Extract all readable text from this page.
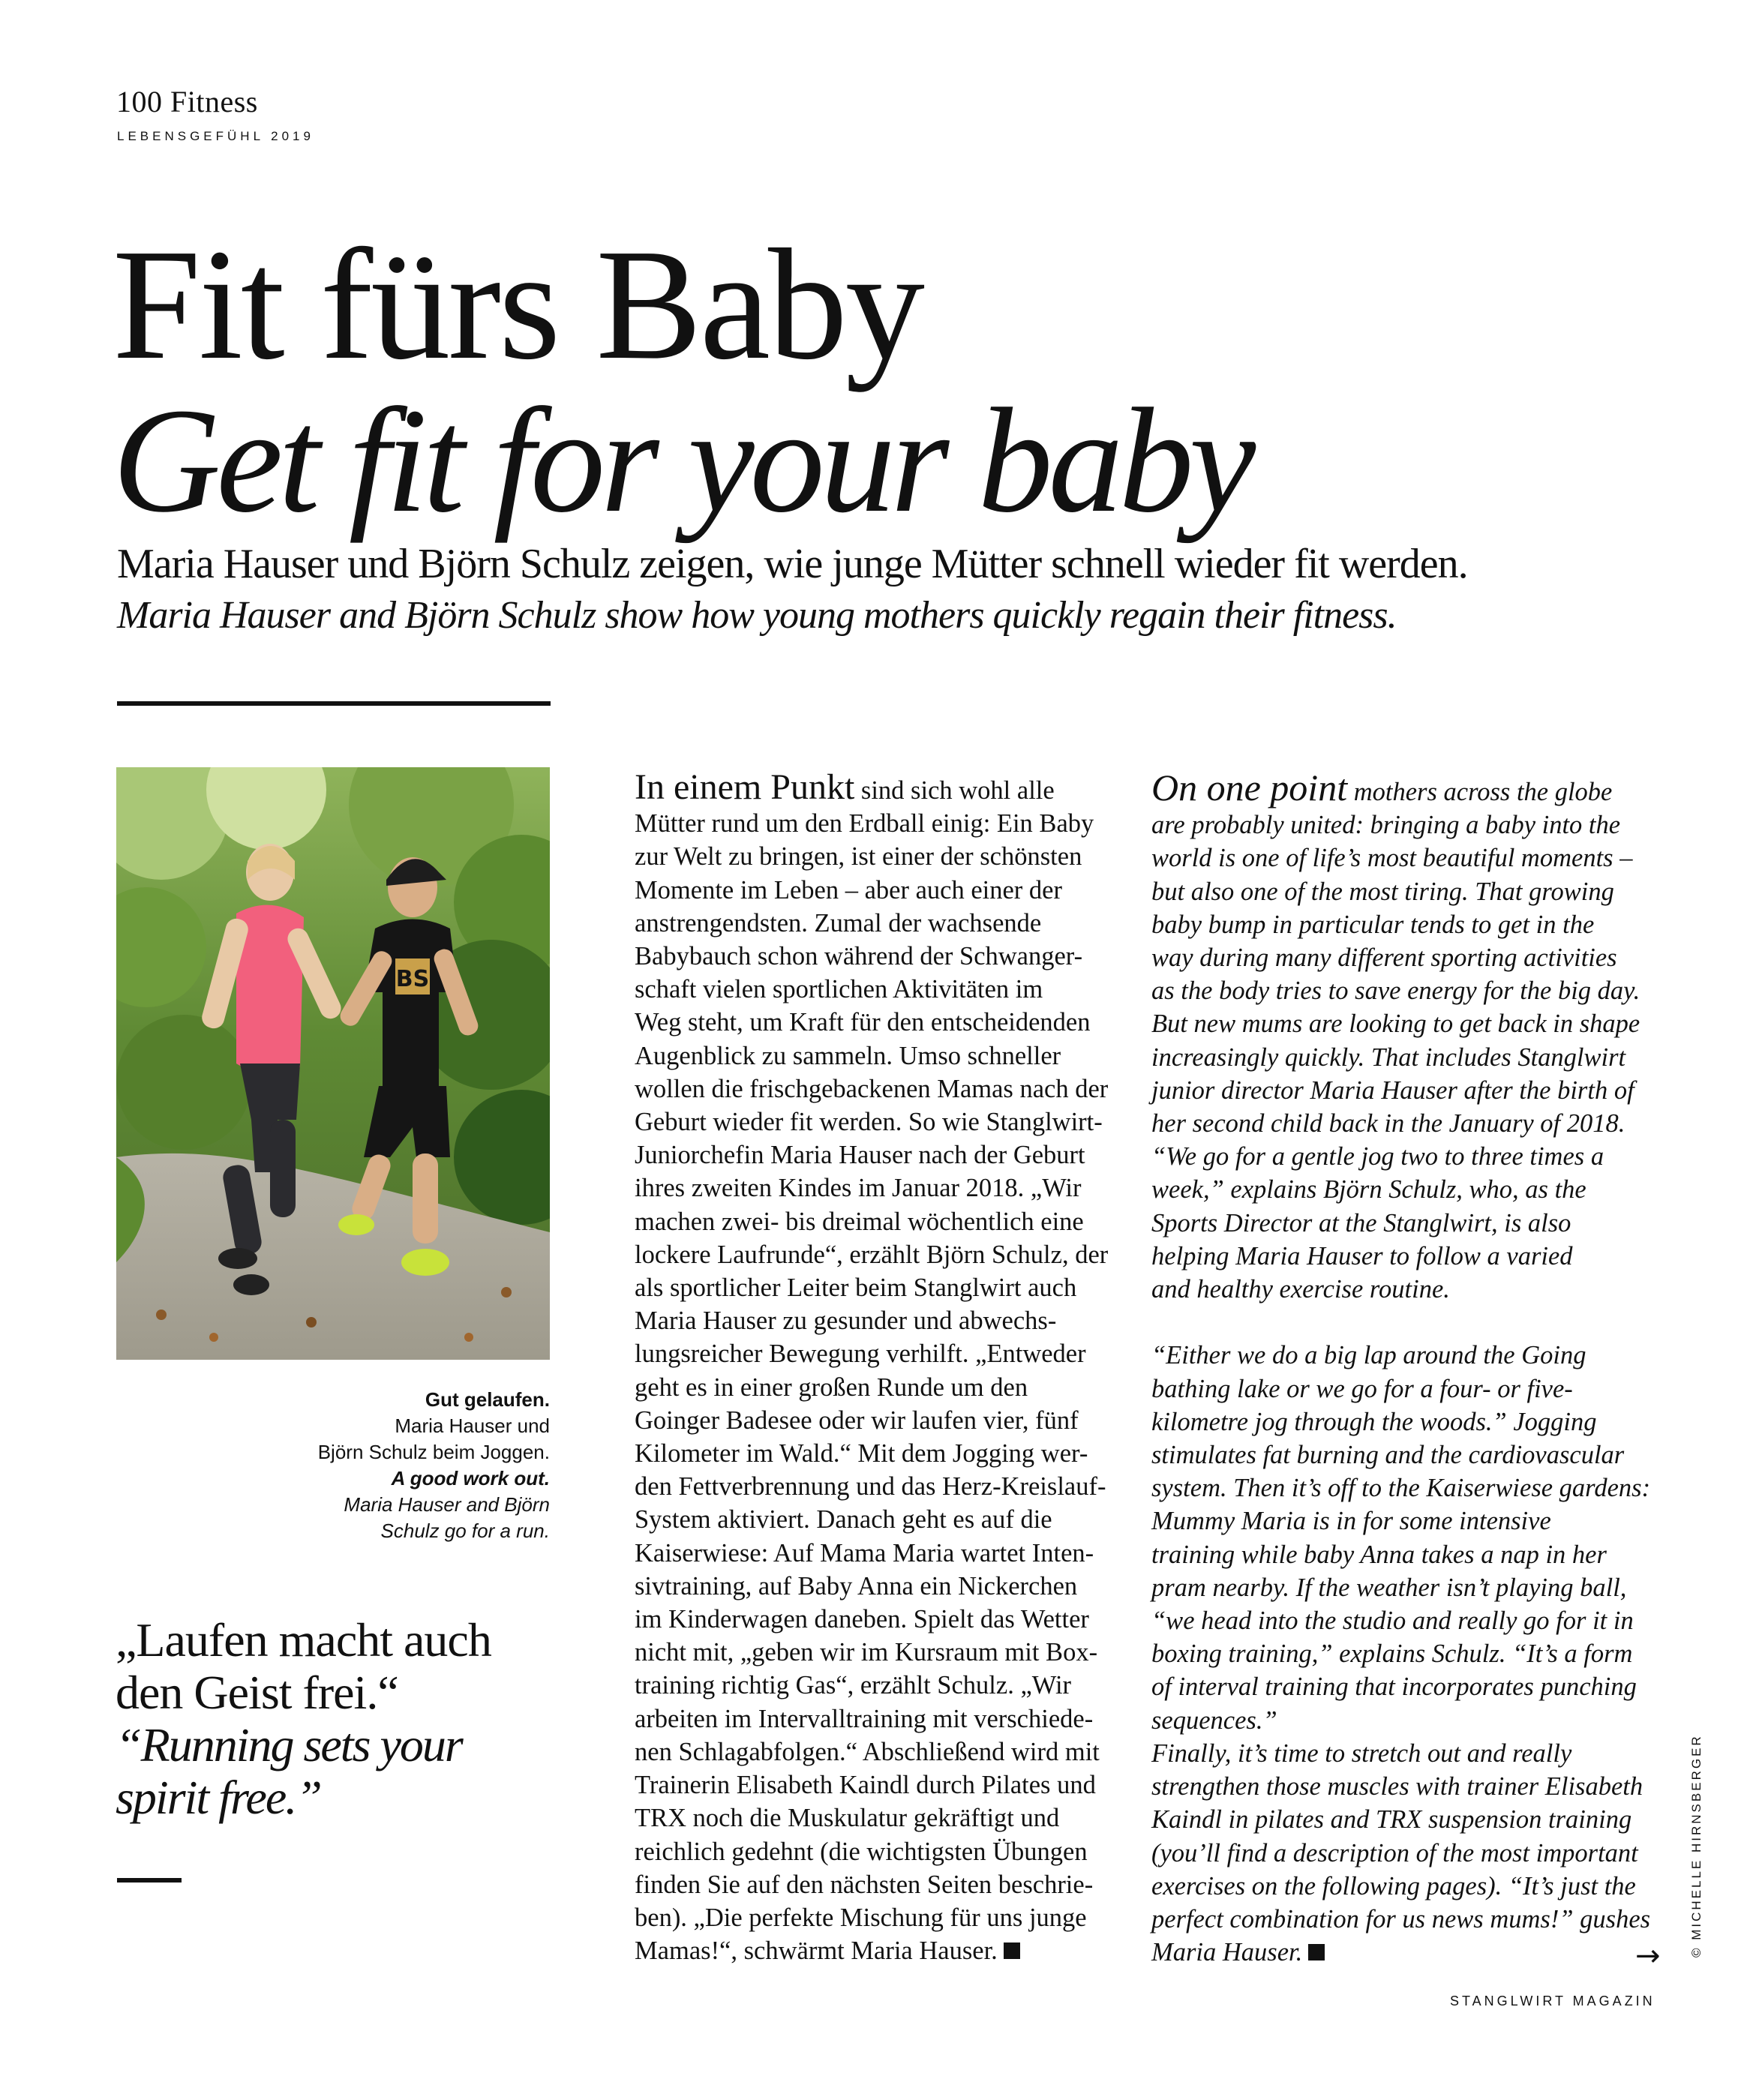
100 Fitness
LEBENSGEFÜHL 2019
Fit fürs Baby
Get fit for your baby
Maria Hauser und Björn Schulz zeigen, wie junge Mütter schnell wieder fit werden.
Maria Hauser and Björn Schulz show how young mothers quickly regain their fitness.
BS
Gut gelaufen.
Maria Hauser und
Björn Schulz beim Joggen.
A good work out.
Maria Hauser and Björn
Schulz go for a run.
„Laufen macht auch
den Geist frei.“
“Running sets your
spirit free.”
In einem Punkt sind sich wohl alle
Mütter rund um den Erdball einig: Ein Baby
zur Welt zu bringen, ist einer der schönsten
Momente im Leben – aber auch einer der
anstrengendsten. Zumal der wachsende
Babybauch schon während der Schwanger-
schaft vielen sportlichen Aktivitäten im
Weg steht, um Kraft für den entscheidenden
Augenblick zu sammeln. Umso schneller
wollen die frischgebackenen Mamas nach der
Geburt wieder fit werden. So wie Stanglwirt-
Juniorchefin Maria Hauser nach der Geburt
ihres zweiten Kindes im Januar 2018. „Wir
machen zwei- bis dreimal wöchentlich eine
lockere Laufrunde“, erzählt Björn Schulz, der
als sportlicher Leiter beim Stanglwirt auch
Maria Hauser zu gesunder und abwechs-
lungsreicher Bewegung verhilft. „Entweder
geht es in einer großen Runde um den
Goinger Badesee oder wir laufen vier, fünf
Kilometer im Wald.“ Mit dem Jogging wer-
den Fettverbrennung und das Herz-Kreislauf-
System aktiviert. Danach geht es auf die
Kaiserwiese: Auf Mama Maria wartet Inten-
sivtraining, auf Baby Anna ein Nickerchen
im Kinderwagen daneben. Spielt das Wetter
nicht mit, „geben wir im Kursraum mit Box-
training richtig Gas“, erzählt Schulz. „Wir
arbeiten im Intervalltraining mit verschiede-
nen Schlagabfolgen.“ Abschließend wird mit
Trainerin Elisabeth Kaindl durch Pilates und
TRX noch die Muskulatur gekräftigt und
reichlich gedehnt (die wichtigsten Übungen
finden Sie auf den nächsten Seiten beschrie-
ben). „Die perfekte Mischung für uns junge
Mamas!“, schwärmt Maria Hauser.
On one point mothers across the globe
are probably united: bringing a baby into the
world is one of life’s most beautiful moments –
but also one of the most tiring. That growing
baby bump in particular tends to get in the
way during many different sporting activities
as the body tries to save energy for the big day.
But new mums are looking to get back in shape
increasingly quickly. That includes Stanglwirt
junior director Maria Hauser after the birth of
her second child back in the January of 2018.
“We go for a gentle jog two to three times a
week,” explains Björn Schulz, who, as the
Sports Director at the Stanglwirt, is also
helping Maria Hauser to follow a varied
and healthy exercise routine.

“Either we do a big lap around the Going
bathing lake or we go for a four- or five-
kilometre jog through the woods.” Jogging
stimulates fat burning and the cardiovascular
system. Then it’s off to the Kaiserwiese gardens:
Mummy Maria is in for some intensive
training while baby Anna takes a nap in her
pram nearby. If the weather isn’t playing ball,
“we head into the studio and really go for it in
boxing training,” explains Schulz. “It’s a form
of interval training that incorporates punching
sequences.”
Finally, it’s time to stretch out and really
strengthen those muscles with trainer Elisabeth
Kaindl in pilates and TRX suspension training
(you’ll find a description of the most important
exercises on the following pages). “It’s just the
perfect combination for us news mums!” gushes
Maria Hauser.	→ © MICHELLE HIRNSBERGER
STANGLWIRT MAGAZIN
